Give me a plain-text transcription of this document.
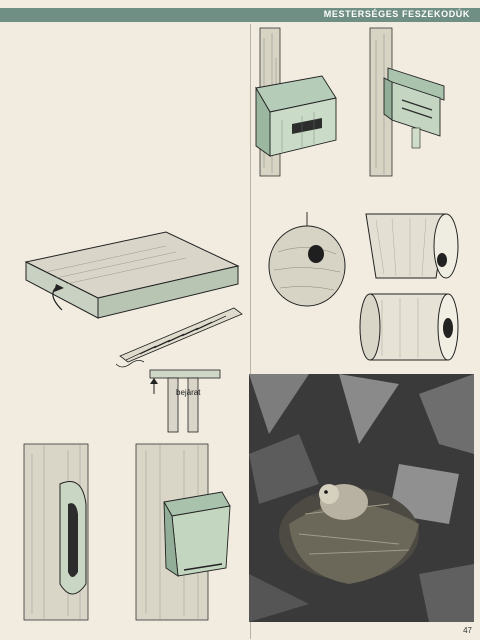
MESTERSÉGES FESZEKODÚK

bejárat
47
